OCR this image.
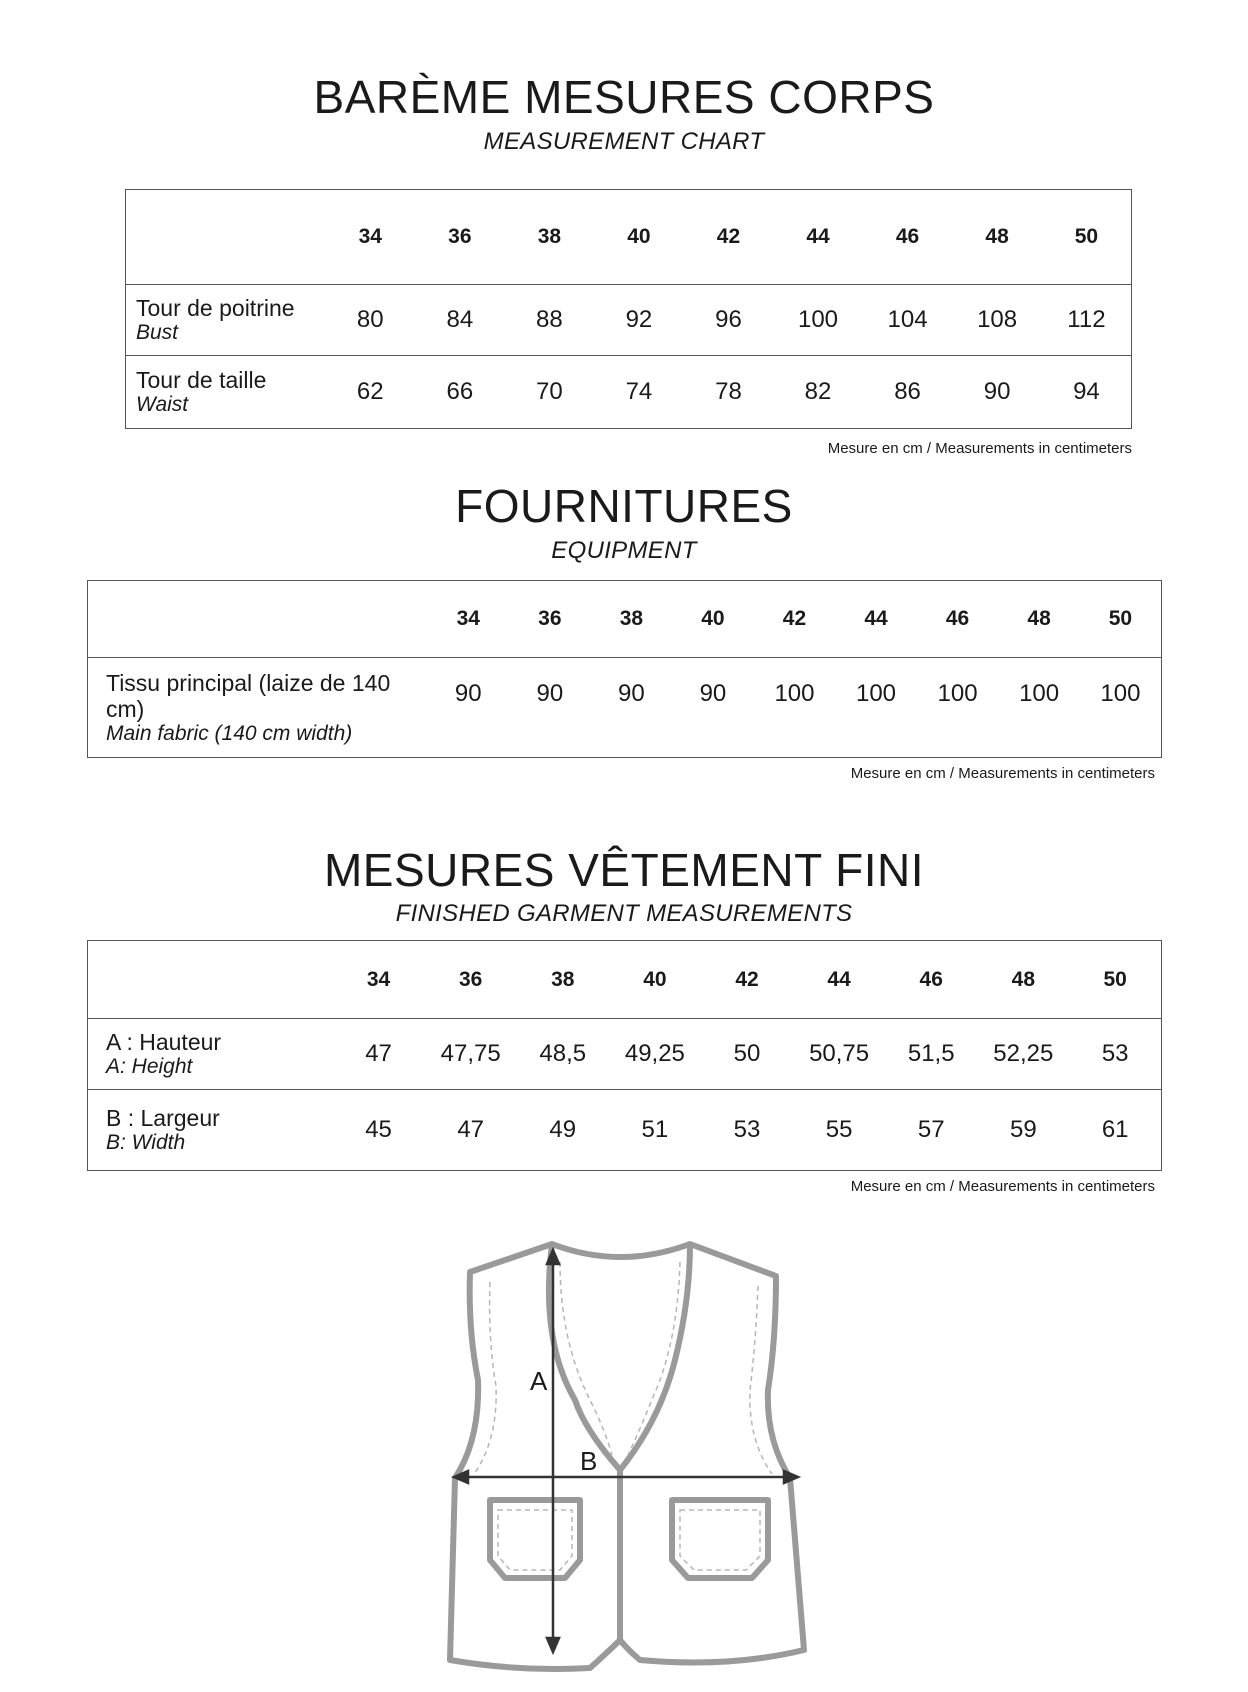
BARÈME MESURES CORPS
MEASUREMENT CHART
	34	36	38	40	42	44	46	48	50

Tour de poitrine
Bust	80	84	88	92	96	100	104	108	112

Tour de taille
Waist	62	66	70	74	78	82	86	90	94
Mesure en cm / Measurements in centimeters
FOURNITURES
EQUIPMENT
	34	36	38	40	42	44	46	48	50

Tissu principal (laize de 140 cm)
Main fabric (140 cm width)	90	90	90	90	100	100	100	100	100
Mesure en cm / Measurements in centimeters
MESURES VÊTEMENT FINI
FINISHED GARMENT MEASUREMENTS
	34	36	38	40	42	44	46	48	50

A : Hauteur
A: Height	47	47,75	48,5	49,25	50	50,75	51,5	52,25	53

B : Largeur
B: Width	45	47	49	51	53	55	57	59	61
Mesure en cm / Measurements in centimeters
A
B
